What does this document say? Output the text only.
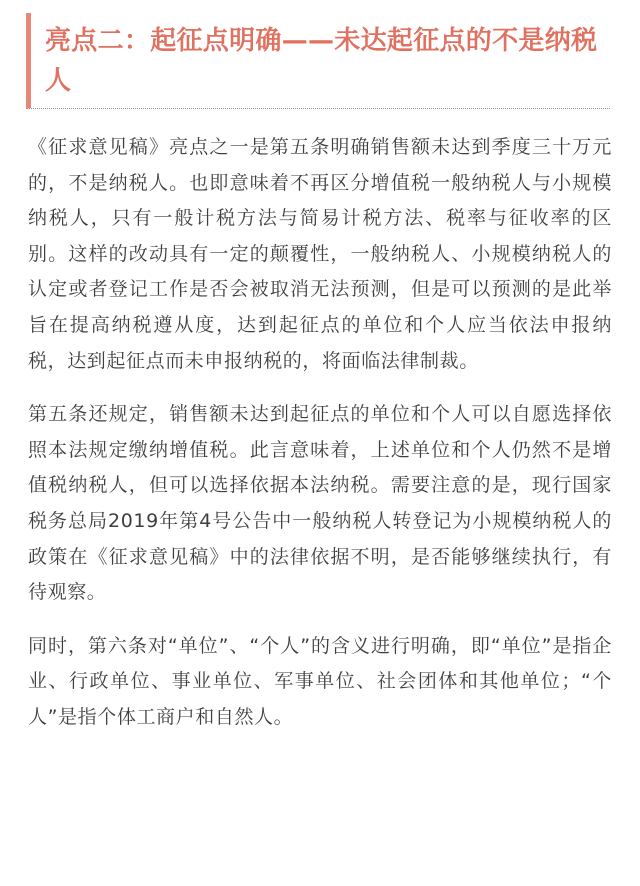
亮点二：起征点明确——未达起征点的不是纳税人

《征求意见稿》亮点之一是第五条明确销售额未达到季度三十万元的，不是纳税人。也即意味着不再区分增值税一般纳税人与小规模纳税人，只有一般计税方法与简易计税方法、税率与征收率的区别。这样的改动具有一定的颠覆性，一般纳税人、小规模纳税人的认定或者登记工作是否会被取消无法预测，但是可以预测的是此举旨在提高纳税遵从度，达到起征点的单位和个人应当依法申报纳税，达到起征点而未申报纳税的，将面临法律制裁。

第五条还规定，销售额未达到起征点的单位和个人可以自愿选择依照本法规定缴纳增值税。此言意味着，上述单位和个人仍然不是增值税纳税人，但可以选择依据本法纳税。需要注意的是，现行国家税务总局2019年第4号公告中一般纳税人转登记为小规模纳税人的政策在《征求意见稿》中的法律依据不明，是否能够继续执行，有待观察。

同时，第六条对“单位”、“个人”的含义进行明确，即“单位”是指企业、行政单位、事业单位、军事单位、社会团体和其他单位；“个人”是指个体工商户和自然人。
